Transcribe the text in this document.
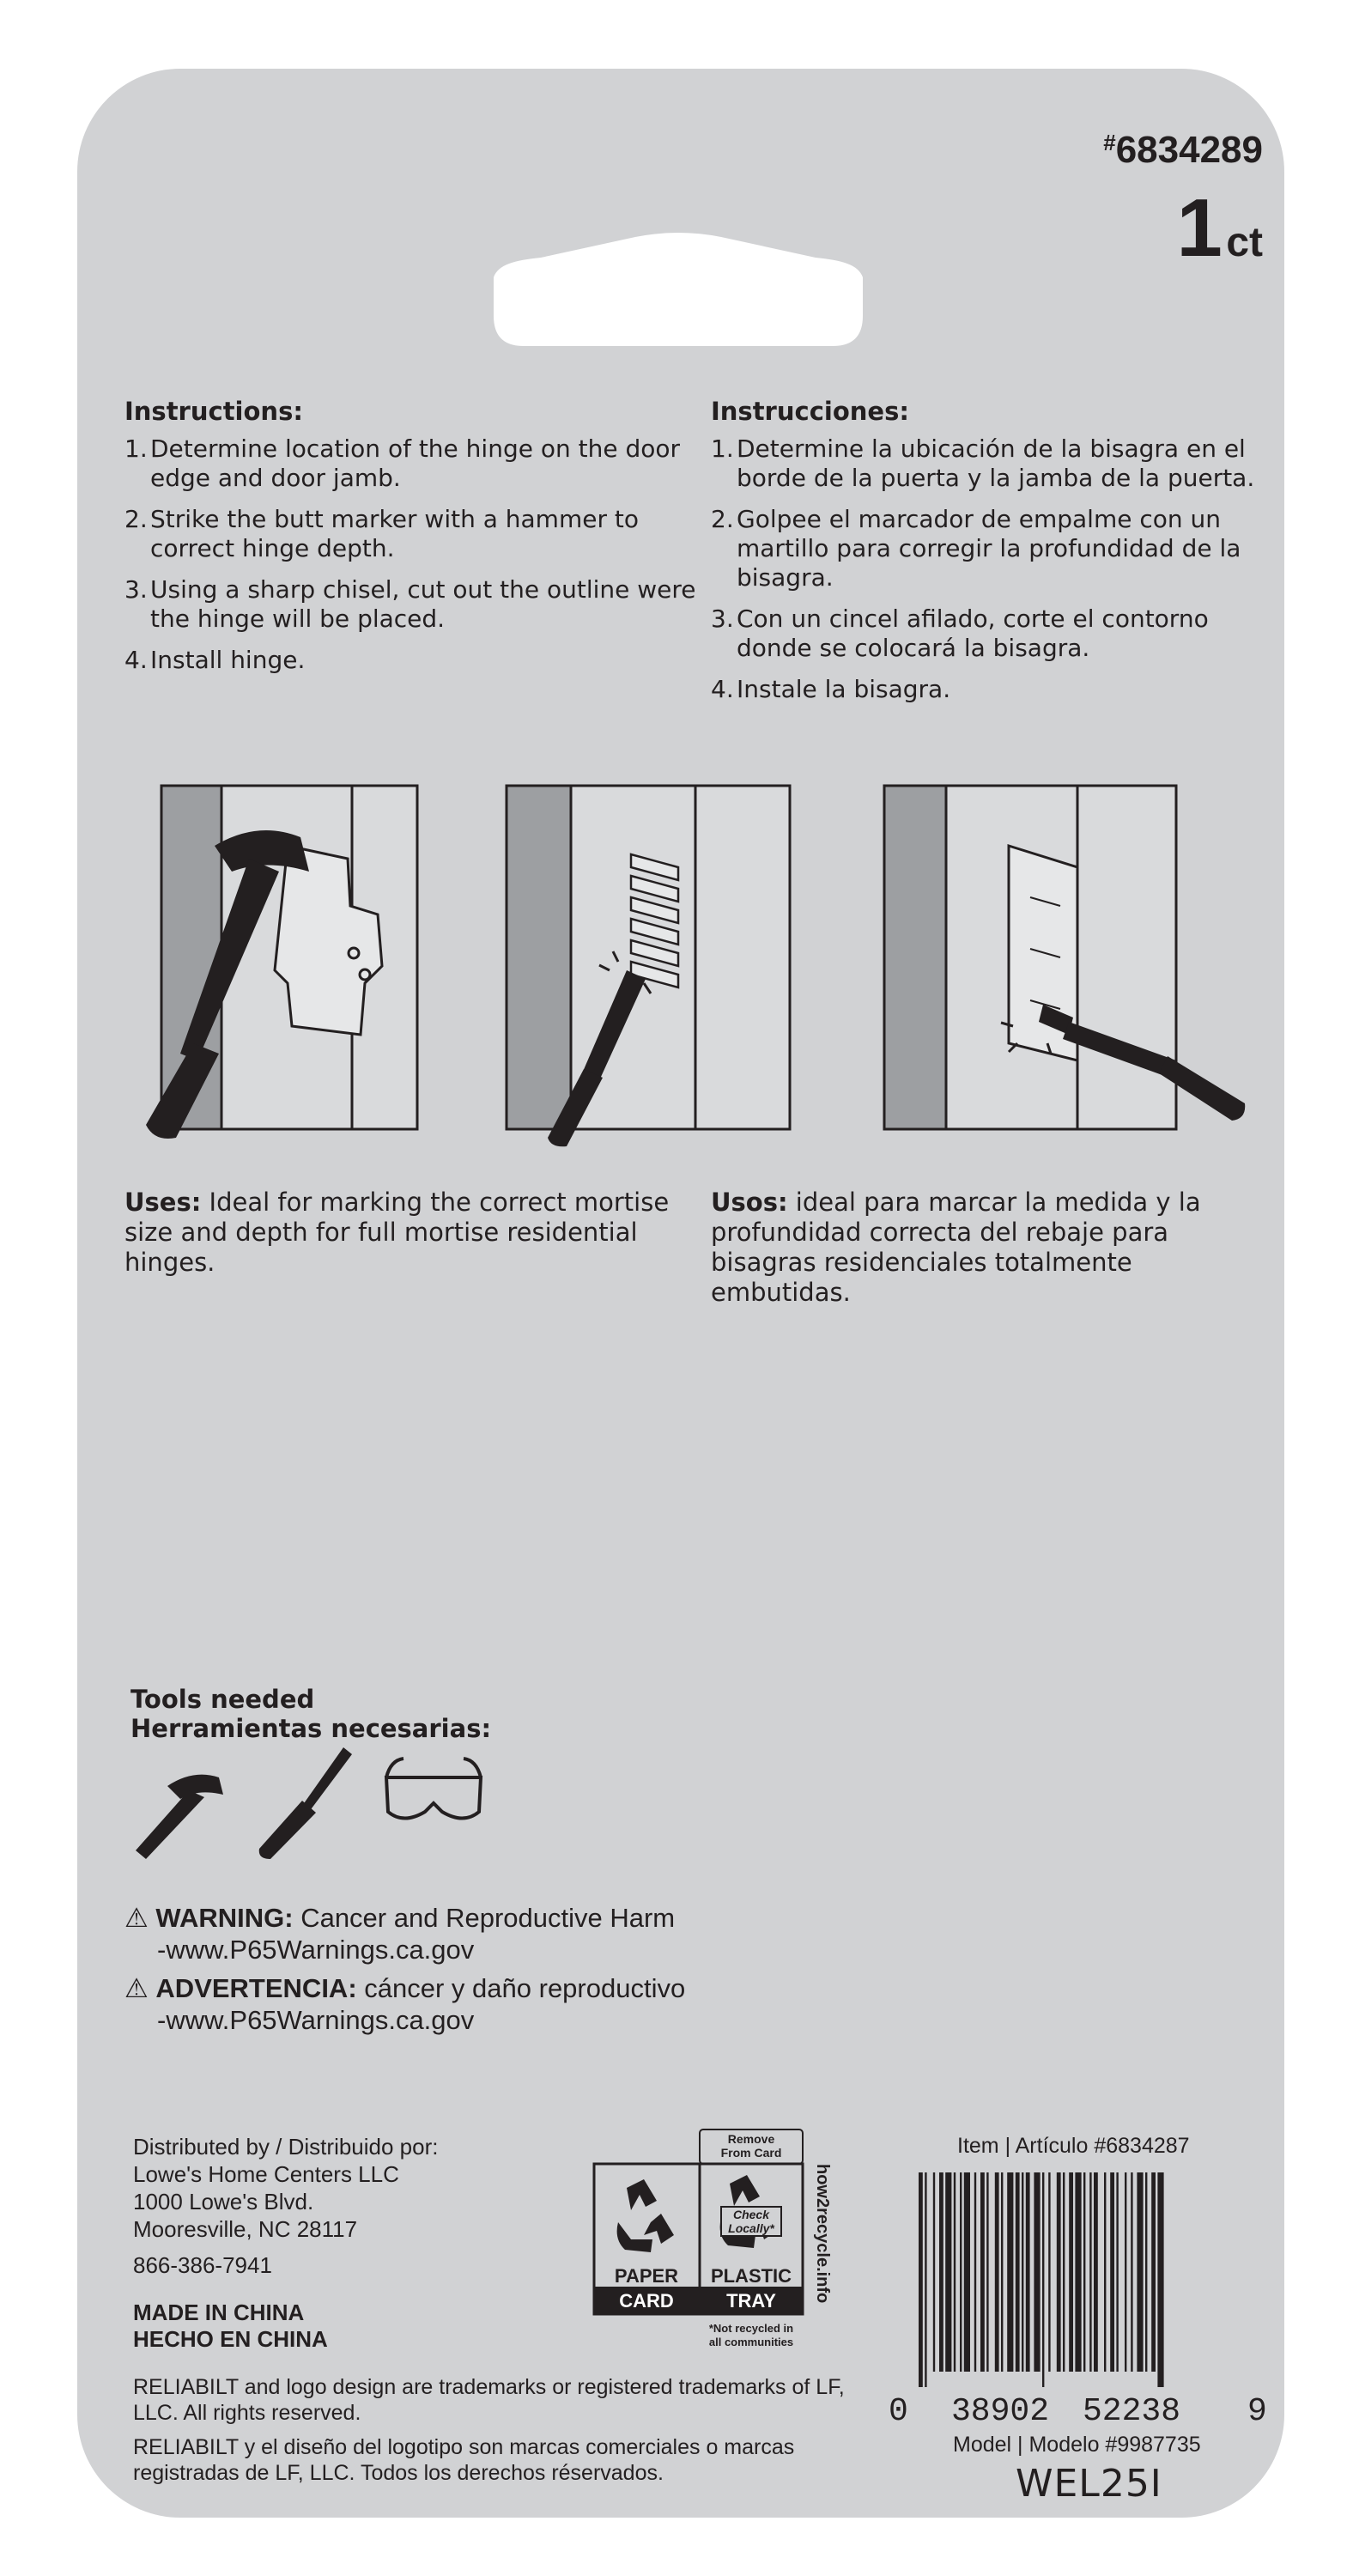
#6834289
1 ct
Instructions:
1. Determine location of the hinge on the door edge and door jamb.
2. Strike the butt marker with a hammer to correct hinge depth.
3. Using a sharp chisel, cut out the outline were the hinge will be placed.
4. Install hinge.
Instrucciones:
1. Determine la ubicación de la bisagra en el borde de la puerta y la jamba de la puerta.
2. Golpee el marcador de empalme con un martillo para corregir la profundidad de la bisagra.
3. Con un cincel afilado, corte el contorno donde se colocará la bisagra.
4. Instale la bisagra.
Uses: Ideal for marking the correct mortise size and depth for full mortise residential hinges.
Usos: ideal para marcar la medida y la profundidad correcta del rebaje para bisagras residenciales totalmente embutidas.
Tools needed
Herramientas necesarias:
⚠ WARNING: Cancer and Reproductive Harm
-www.P65Warnings.ca.gov
⚠ ADVERTENCIA: cáncer y daño reproductivo
-www.P65Warnings.ca.gov
Distributed by / Distribuido por:
Lowe's Home Centers LLC
1000 Lowe's Blvd.
Mooresville, NC 28117
866-386-7941
MADE IN CHINA
HECHO EN CHINA
RELIABILT and logo design are trademarks or registered trademarks of LF, LLC. All rights reserved.
RELIABILT y el diseño del logotipo son marcas comerciales o marcas registradas de LF, LLC. Todos los derechos réservados.
Remove
From Card
Check
Locally*
PAPER
CARD
PLASTIC
TRAY
*Not recycled in
all communities
how2recycle.info
Item | Artículo #6834287
0 38902 52238 9
Model | Modelo #9987735
WEL25I
